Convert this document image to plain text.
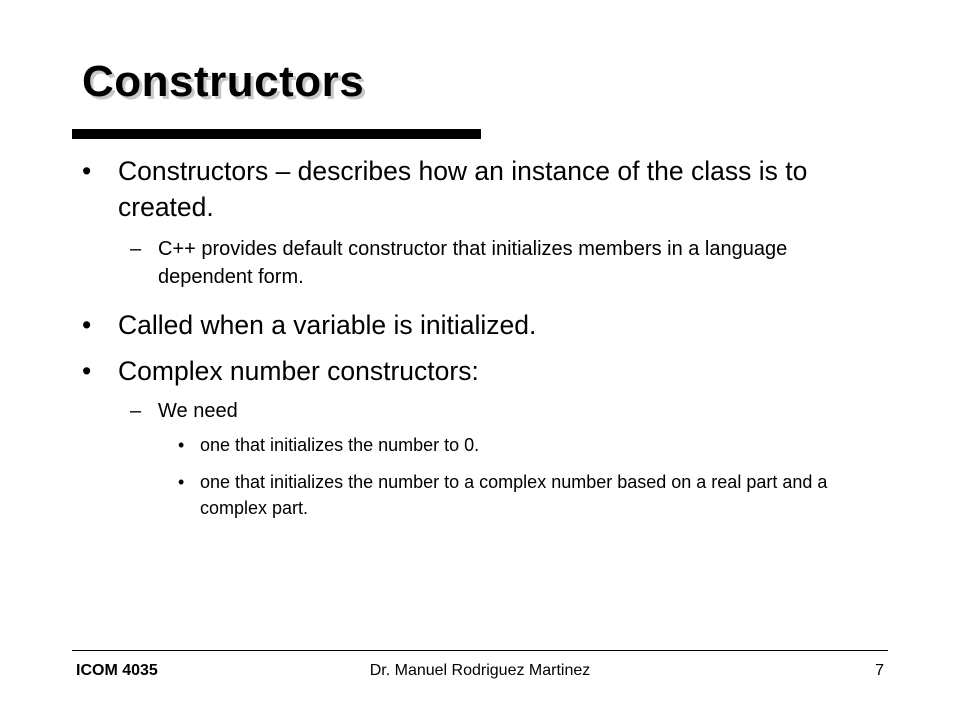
Constructors
• Constructors – describes how an instance of the class is to created.
– C++ provides default constructor that initializes members in a language dependent form.
• Called when a variable is initialized.
• Complex number constructors:
– We need
• one that initializes the number to 0.
• one that initializes the number to a complex number based on a real part and a complex part.
ICOM 4035	Dr. Manuel Rodriguez Martinez	7
